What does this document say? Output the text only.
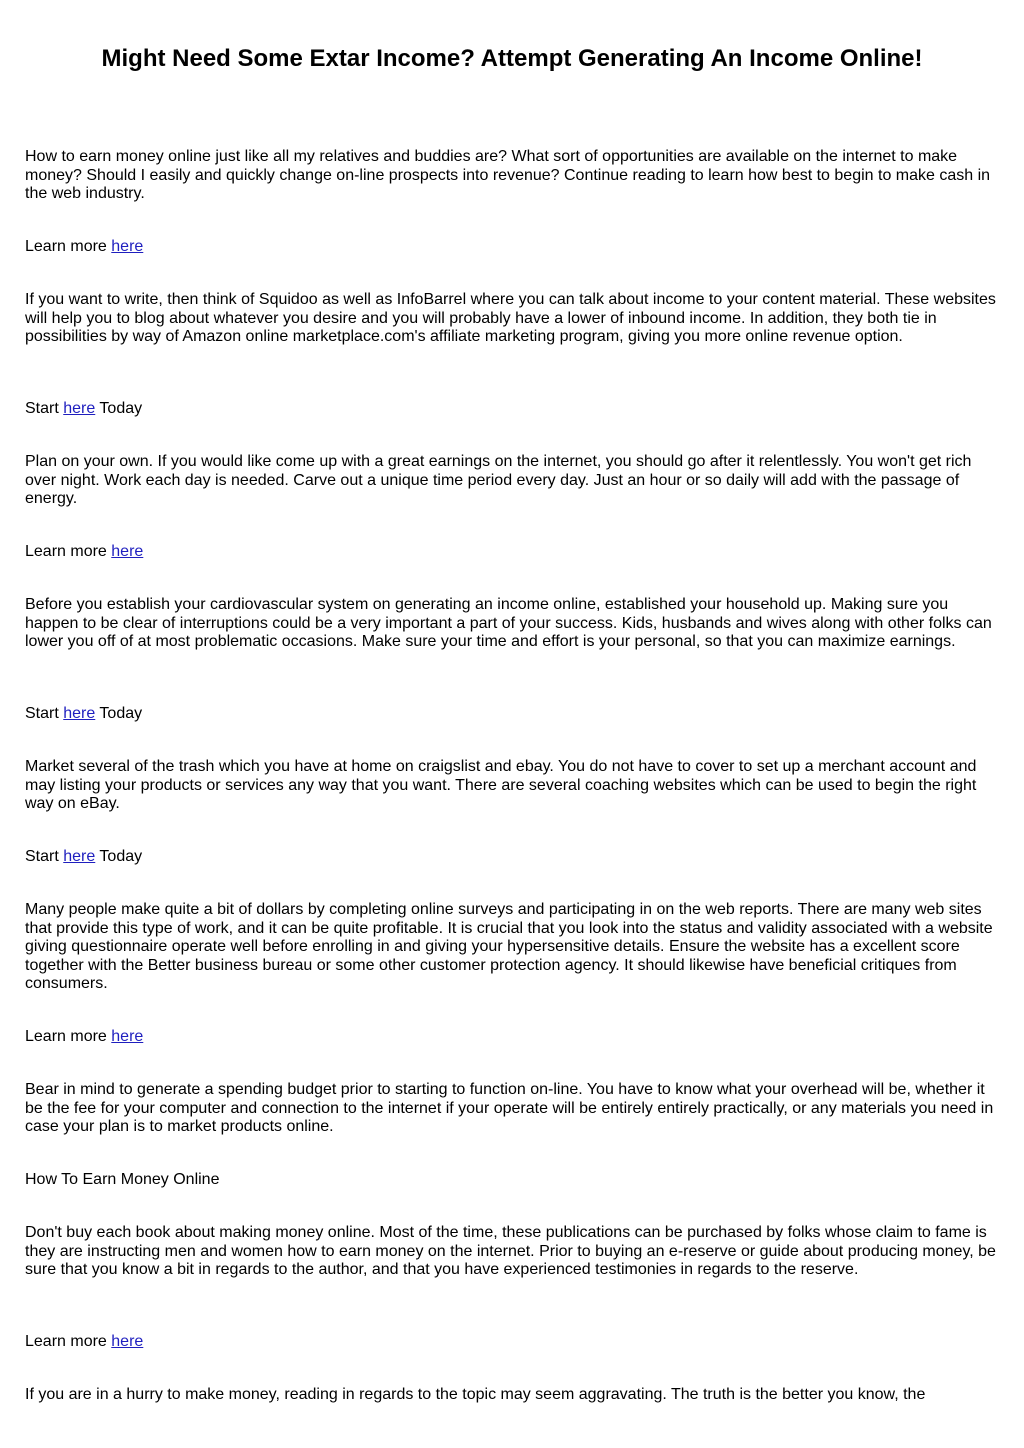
Might Need Some Extar Income? Attempt Generating An Income Online!

How to earn money online just like all my relatives and buddies are? What sort of opportunities are available on the internet to make money? Should I easily and quickly change on-line prospects into revenue? Continue reading to learn how best to begin to make cash in the web industry.

Learn more here

If you want to write, then think of Squidoo as well as InfoBarrel where you can talk about income to your content material. These websites will help you to blog about whatever you desire and you will probably have a lower of inbound income. In addition, they both tie in possibilities by way of Amazon online marketplace.com's affiliate marketing program, giving you more online revenue option.

Start here Today

Plan on your own. If you would like come up with a great earnings on the internet, you should go after it relentlessly. You won't get rich over night. Work each day is needed. Carve out a unique time period every day. Just an hour or so daily will add with the passage of energy.

Learn more here

Before you establish your cardiovascular system on generating an income online, established your household up. Making sure you happen to be clear of interruptions could be a very important a part of your success. Kids, husbands and wives along with other folks can lower you off of at most problematic occasions. Make sure your time and effort is your personal, so that you can maximize earnings.

Start here Today

Market several of the trash which you have at home on craigslist and ebay. You do not have to cover to set up a merchant account and may listing your products or services any way that you want. There are several coaching websites which can be used to begin the right way on eBay.

Start here Today

Many people make quite a bit of dollars by completing online surveys and participating in on the web reports. There are many web sites that provide this type of work, and it can be quite profitable. It is crucial that you look into the status and validity associated with a website giving questionnaire operate well before enrolling in and giving your hypersensitive details. Ensure the website has a excellent score together with the Better business bureau or some other customer protection agency. It should likewise have beneficial critiques from consumers.

Learn more here

Bear in mind to generate a spending budget prior to starting to function on-line. You have to know what your overhead will be, whether it be the fee for your computer and connection to the internet if your operate will be entirely entirely practically, or any materials you need in case your plan is to market products online.

How To Earn Money Online

Don't buy each book about making money online. Most of the time, these publications can be purchased by folks whose claim to fame is they are instructing men and women how to earn money on the internet. Prior to buying an e-reserve or guide about producing money, be sure that you know a bit in regards to the author, and that you have experienced testimonies in regards to the reserve.

Learn more here

If you are in a hurry to make money, reading in regards to the topic may seem aggravating. The truth is the better you know, the
